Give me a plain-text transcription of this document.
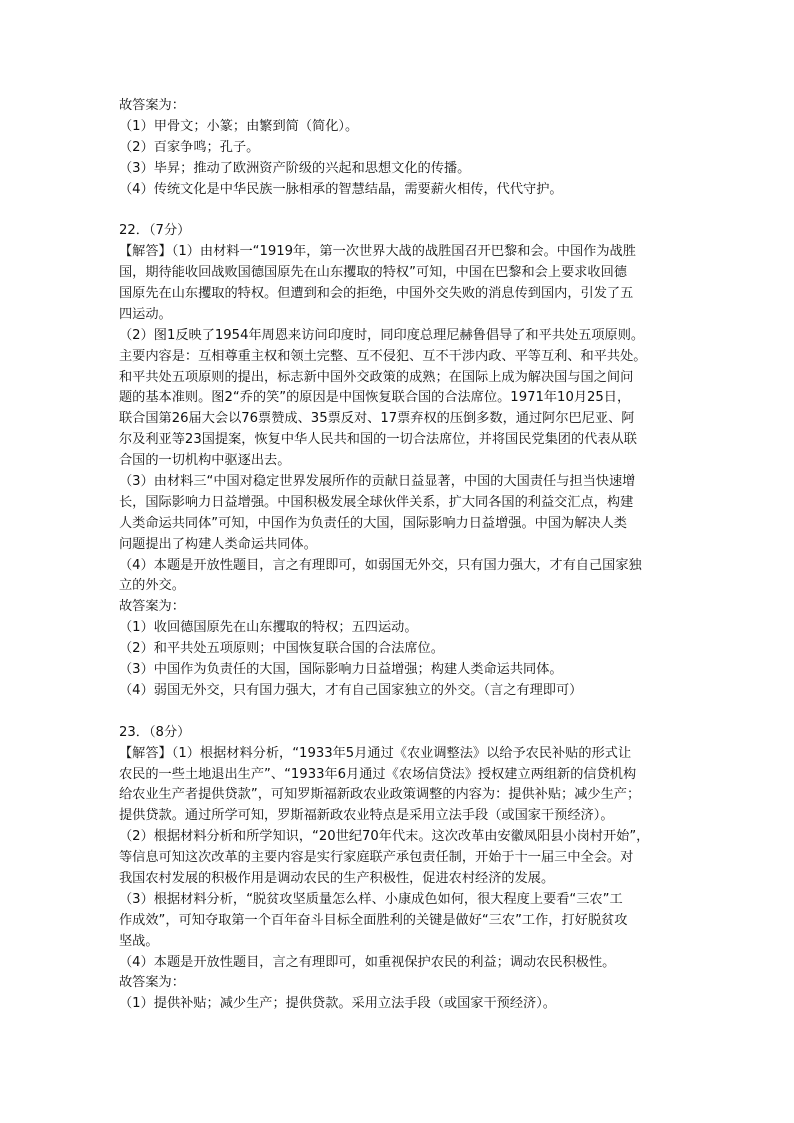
故答案为：
（1）甲骨文；小篆；由繁到简（简化）。
（2）百家争鸣；孔子。
（3）毕昇；推动了欧洲资产阶级的兴起和思想文化的传播。
（4）传统文化是中华民族一脉相承的智慧结晶，需要薪火相传，代代守护。
22．（7分）
【解答】（1）由材料一“1919年，第一次世界大战的战胜国召开巴黎和会。中国作为战胜
国，期待能收回战败国德国原先在山东攫取的特权”可知，中国在巴黎和会上要求收回德
国原先在山东攫取的特权。但遭到和会的拒绝，中国外交失败的消息传到国内，引发了五
四运动。
（2）图1反映了1954年周恩来访问印度时，同印度总理尼赫鲁倡导了和平共处五项原则。
主要内容是：互相尊重主权和领土完整、互不侵犯、互不干涉内政、平等互利、和平共处。
和平共处五项原则的提出，标志新中国外交政策的成熟；在国际上成为解决国与国之间问
题的基本准则。图2“乔的笑”的原因是中国恢复联合国的合法席位。1971年10月25日，
联合国第26届大会以76票赞成、35票反对、17票弃权的压倒多数，通过阿尔巴尼亚、阿
尔及利亚等23国提案，恢复中华人民共和国的一切合法席位，并将国民党集团的代表从联
合国的一切机构中驱逐出去。
（3）由材料三“中国对稳定世界发展所作的贡献日益显著，中国的大国责任与担当快速增
长，国际影响力日益增强。中国积极发展全球伙伴关系，扩大同各国的利益交汇点，构建
人类命运共同体”可知，中国作为负责任的大国，国际影响力日益增强。中国为解决人类
问题提出了构建人类命运共同体。
（4）本题是开放性题目，言之有理即可，如弱国无外交，只有国力强大，才有自己国家独
立的外交。
故答案为：
（1）收回德国原先在山东攫取的特权；五四运动。
（2）和平共处五项原则；中国恢复联合国的合法席位。
（3）中国作为负责任的大国，国际影响力日益增强；构建人类命运共同体。
（4）弱国无外交，只有国力强大，才有自己国家独立的外交。（言之有理即可）
23．（8分）
【解答】（1）根据材料分析，“1933年5月通过《农业调整法》以给予农民补贴的形式让
农民的一些土地退出生产”、“1933年6月通过《农场信贷法》授权建立两组新的信贷机构
给农业生产者提供贷款”，可知罗斯福新政农业政策调整的内容为：提供补贴；减少生产；
提供贷款。通过所学可知，罗斯福新政农业特点是采用立法手段（或国家干预经济）。
（2）根据材料分析和所学知识，“20世纪70年代末。这次改革由安徽凤阳县小岗村开始”，
等信息可知这次改革的主要内容是实行家庭联产承包责任制，开始于十一届三中全会。对
我国农村发展的积极作用是调动农民的生产积极性，促进农村经济的发展。
（3）根据材料分析，“脱贫攻坚质量怎么样、小康成色如何，很大程度上要看“三农”工
作成效”，可知夺取第一个百年奋斗目标全面胜利的关键是做好“三农”工作，打好脱贫攻
坚战。
（4）本题是开放性题目，言之有理即可，如重视保护农民的利益；调动农民积极性。
故答案为：
（1）提供补贴；减少生产；提供贷款。采用立法手段（或国家干预经济）。
